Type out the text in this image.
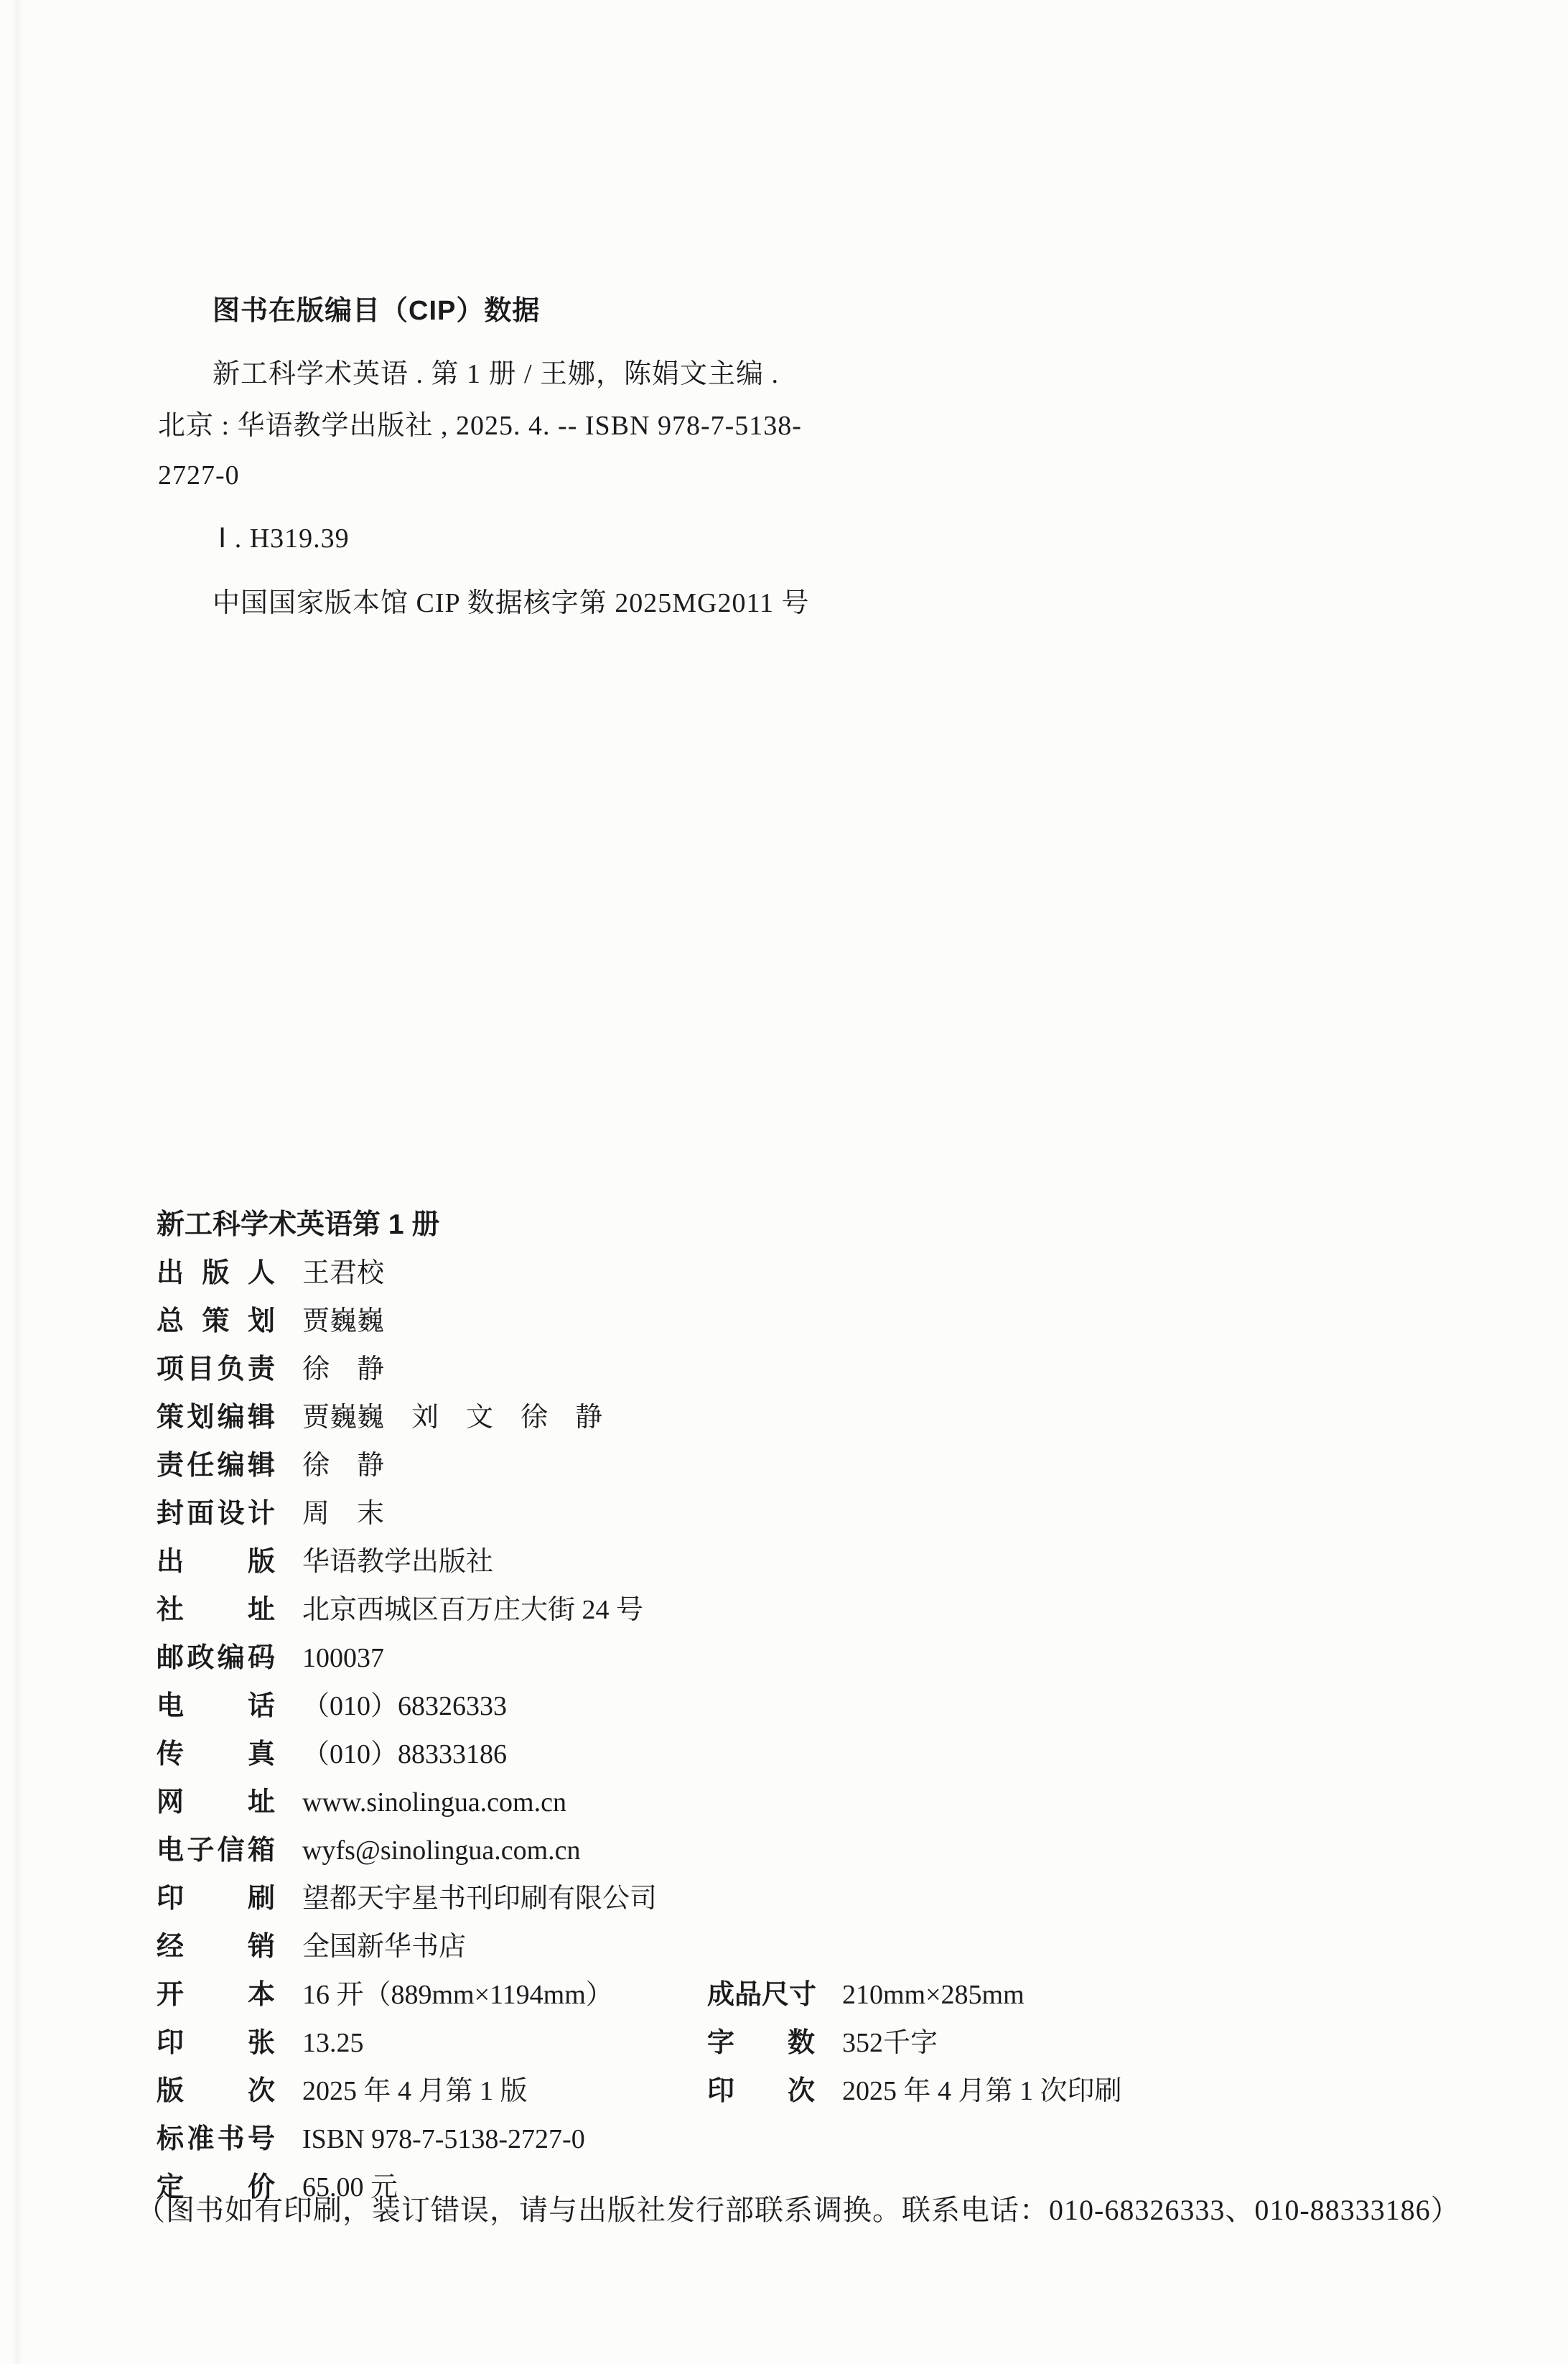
图书在版编目（CIP）数据
新工科学术英语 . 第 1 册 / 王娜，陈娟文主编 .
北京 : 华语教学出版社 , 2025. 4. -- ISBN 978-7-5138-
2727-0
Ⅰ . H319.39
中国国家版本馆 CIP 数据核字第 2025MG2011 号
新工科学术英语第 1 册
出 版 人 王君校
总 策 划 贾巍巍
项 目 负 责 徐　静
策 划 编 辑 贾巍巍　刘　文　徐　静
责 任 编 辑 徐　静
封 面 设 计 周　末
出 版 华语教学出版社
社 址 北京西城区百万庄大街 24 号
邮 政 编 码 100037
电 话 （010）68326333
传 真 （010）88333186
网 址 www.sinolingua.com.cn
电 子 信 箱 wyfs@sinolingua.com.cn
印 刷 望都天宇星书刊印刷有限公司
经 销 全国新华书店
开 本 16 开（889mm×1194mm）	成 品 尺 寸 210mm×285mm
印 张 13.25	字 数 352千字
版 次 2025 年 4 月第 1 版	印 次 2025 年 4 月第 1 次印刷
标 准 书 号 ISBN 978-7-5138-2727-0
定 价 65.00 元
（图书如有印刷，装订错误，请与出版社发行部联系调换。联系电话：010-68326333、010-88333186）
